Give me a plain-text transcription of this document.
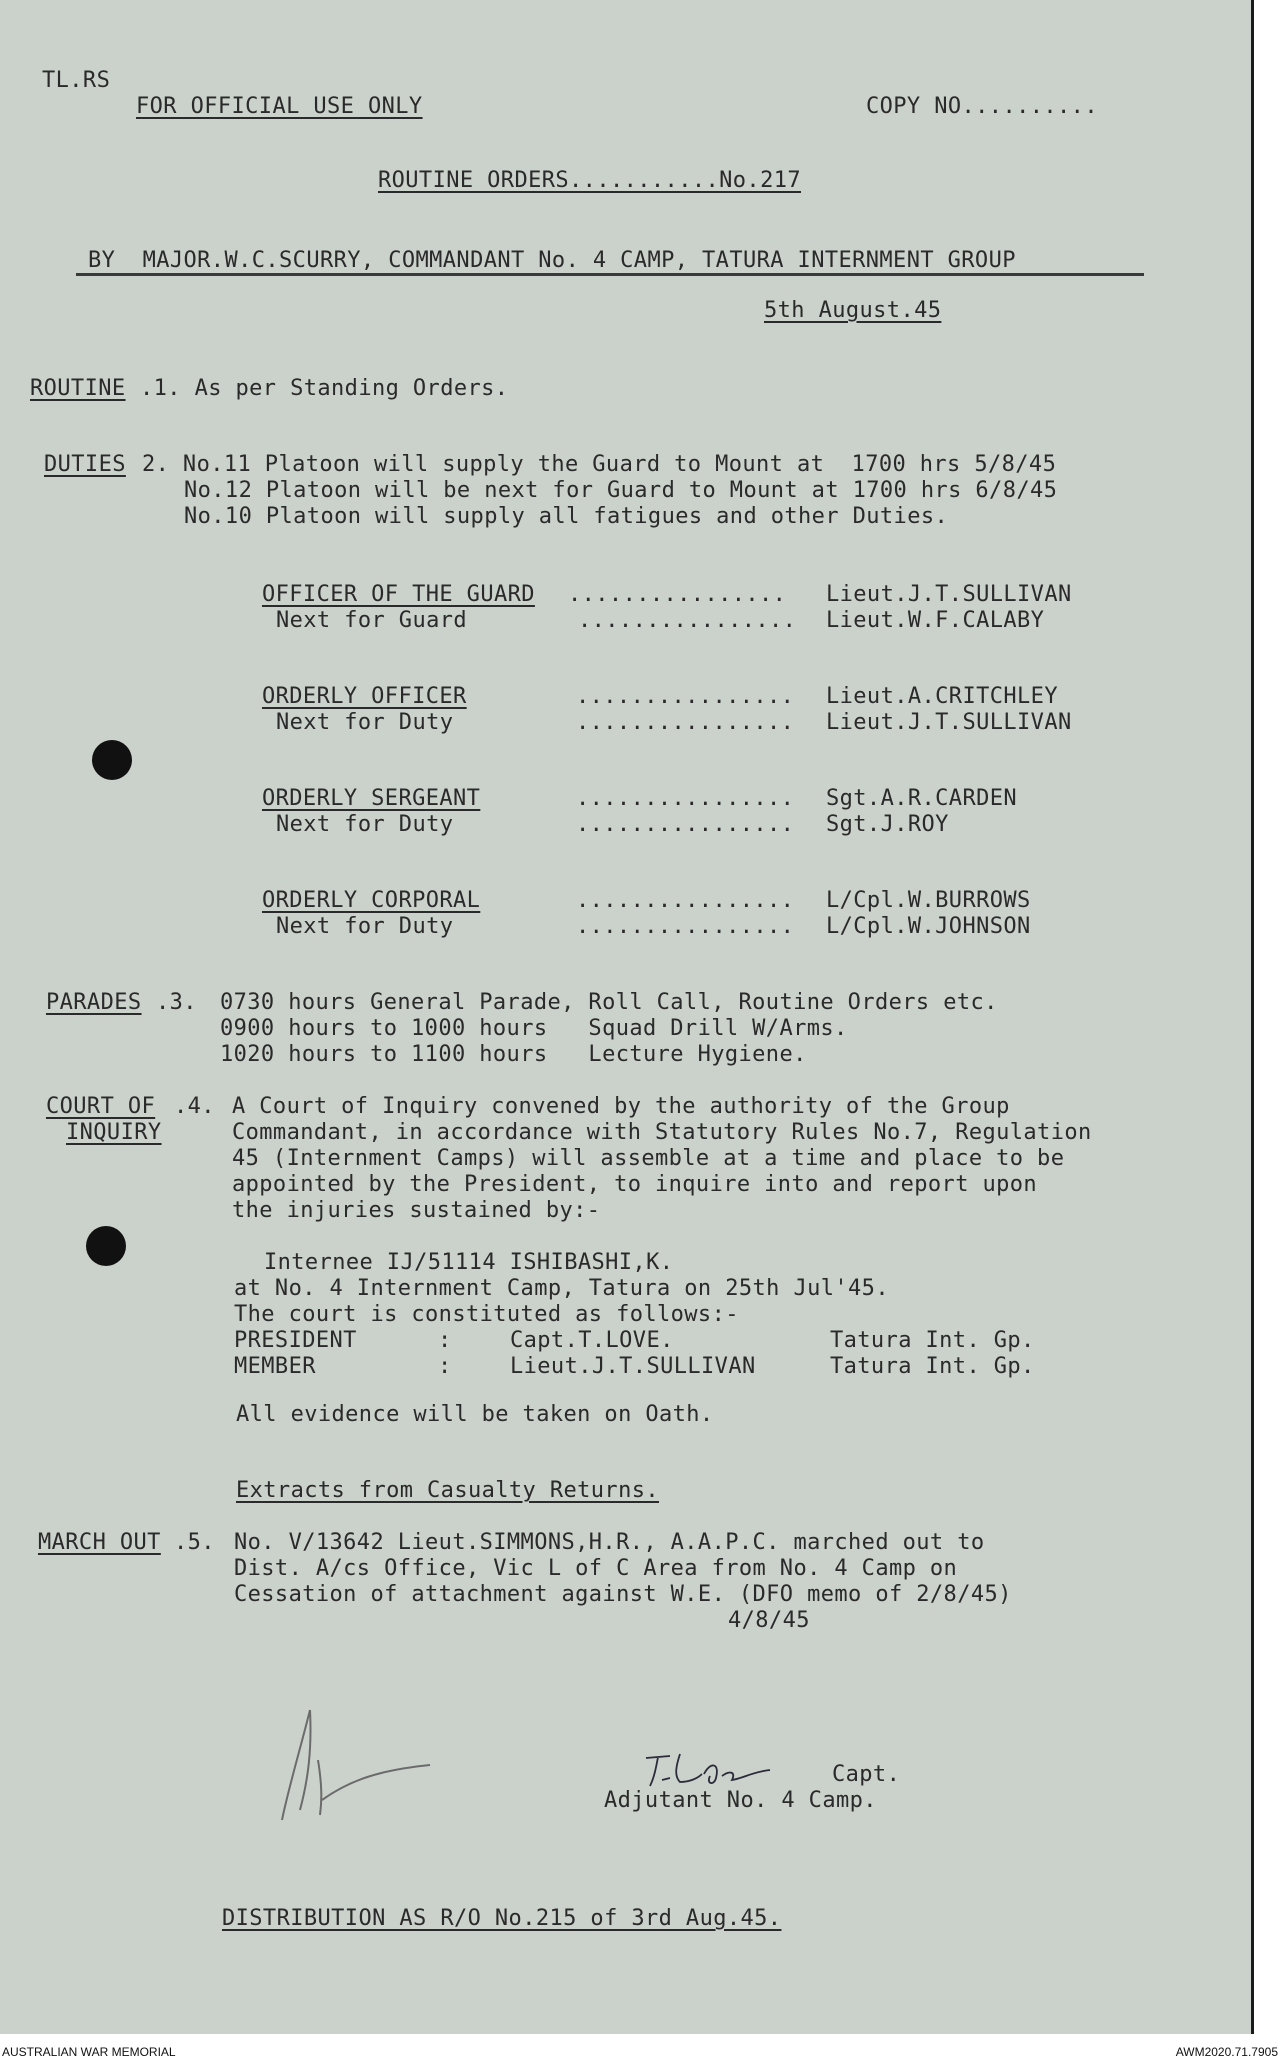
TL.RS
FOR OFFICIAL USE ONLY	COPY NO..........
ROUTINE ORDERS...........No.217
BY  MAJOR.W.C.SCURRY, COMMANDANT No. 4 CAMP, TATURA INTERNMENT GROUP
5th August.45
ROUTINE .1. As per Standing Orders.
DUTIES 2. No.11 Platoon will supply the Guard to Mount at  1700 hrs 5/8/45
No.12 Platoon will be next for Guard to Mount at 1700 hrs 6/8/45
No.10 Platoon will supply all fatigues and other Duties.
OFFICER OF THE GUARD ................ Lieut.J.T.SULLIVAN
Next for Guard	................ Lieut.W.F.CALABY
ORDERLY OFFICER	................ Lieut.A.CRITCHLEY
Next for Duty	................ Lieut.J.T.SULLIVAN
ORDERLY SERGEANT	................ Sgt.A.R.CARDEN
Next for Duty	................ Sgt.J.ROY
ORDERLY CORPORAL	................ L/Cpl.W.BURROWS
Next for Duty	................ L/Cpl.W.JOHNSON
PARADES .3. 0730 hours General Parade, Roll Call, Routine Orders etc.
0900 hours to 1000 hours   Squad Drill W/Arms.
1020 hours to 1100 hours   Lecture Hygiene.
COURT OF .4.
INQUIRY
A Court of Inquiry convened by the authority of the Group
Commandant, in accordance with Statutory Rules No.7, Regulation
45 (Internment Camps) will assemble at a time and place to be
appointed by the President, to inquire into and report upon
the injuries sustained by:-
Internee IJ/51114 ISHIBASHI,K.
at No. 4 Internment Camp, Tatura on 25th Jul'45.
The court is constituted as follows:-
PRESIDENT	:	Capt.T.LOVE.	Tatura Int. Gp.
MEMBER	:	Lieut.J.T.SULLIVAN	Tatura Int. Gp.
All evidence will be taken on Oath.
Extracts from Casualty Returns.
MARCH OUT .5. No. V/13642 Lieut.SIMMONS,H.R., A.A.P.C. marched out to
Dist. A/cs Office, Vic L of C Area from No. 4 Camp on
Cessation of attachment against W.E. (DFO memo of 2/8/45)
4/8/45
Capt.
Adjutant No. 4 Camp.
DISTRIBUTION AS R/O No.215 of 3rd Aug.45.
AUSTRALIAN WAR MEMORIAL	AWM2020.71.7905
